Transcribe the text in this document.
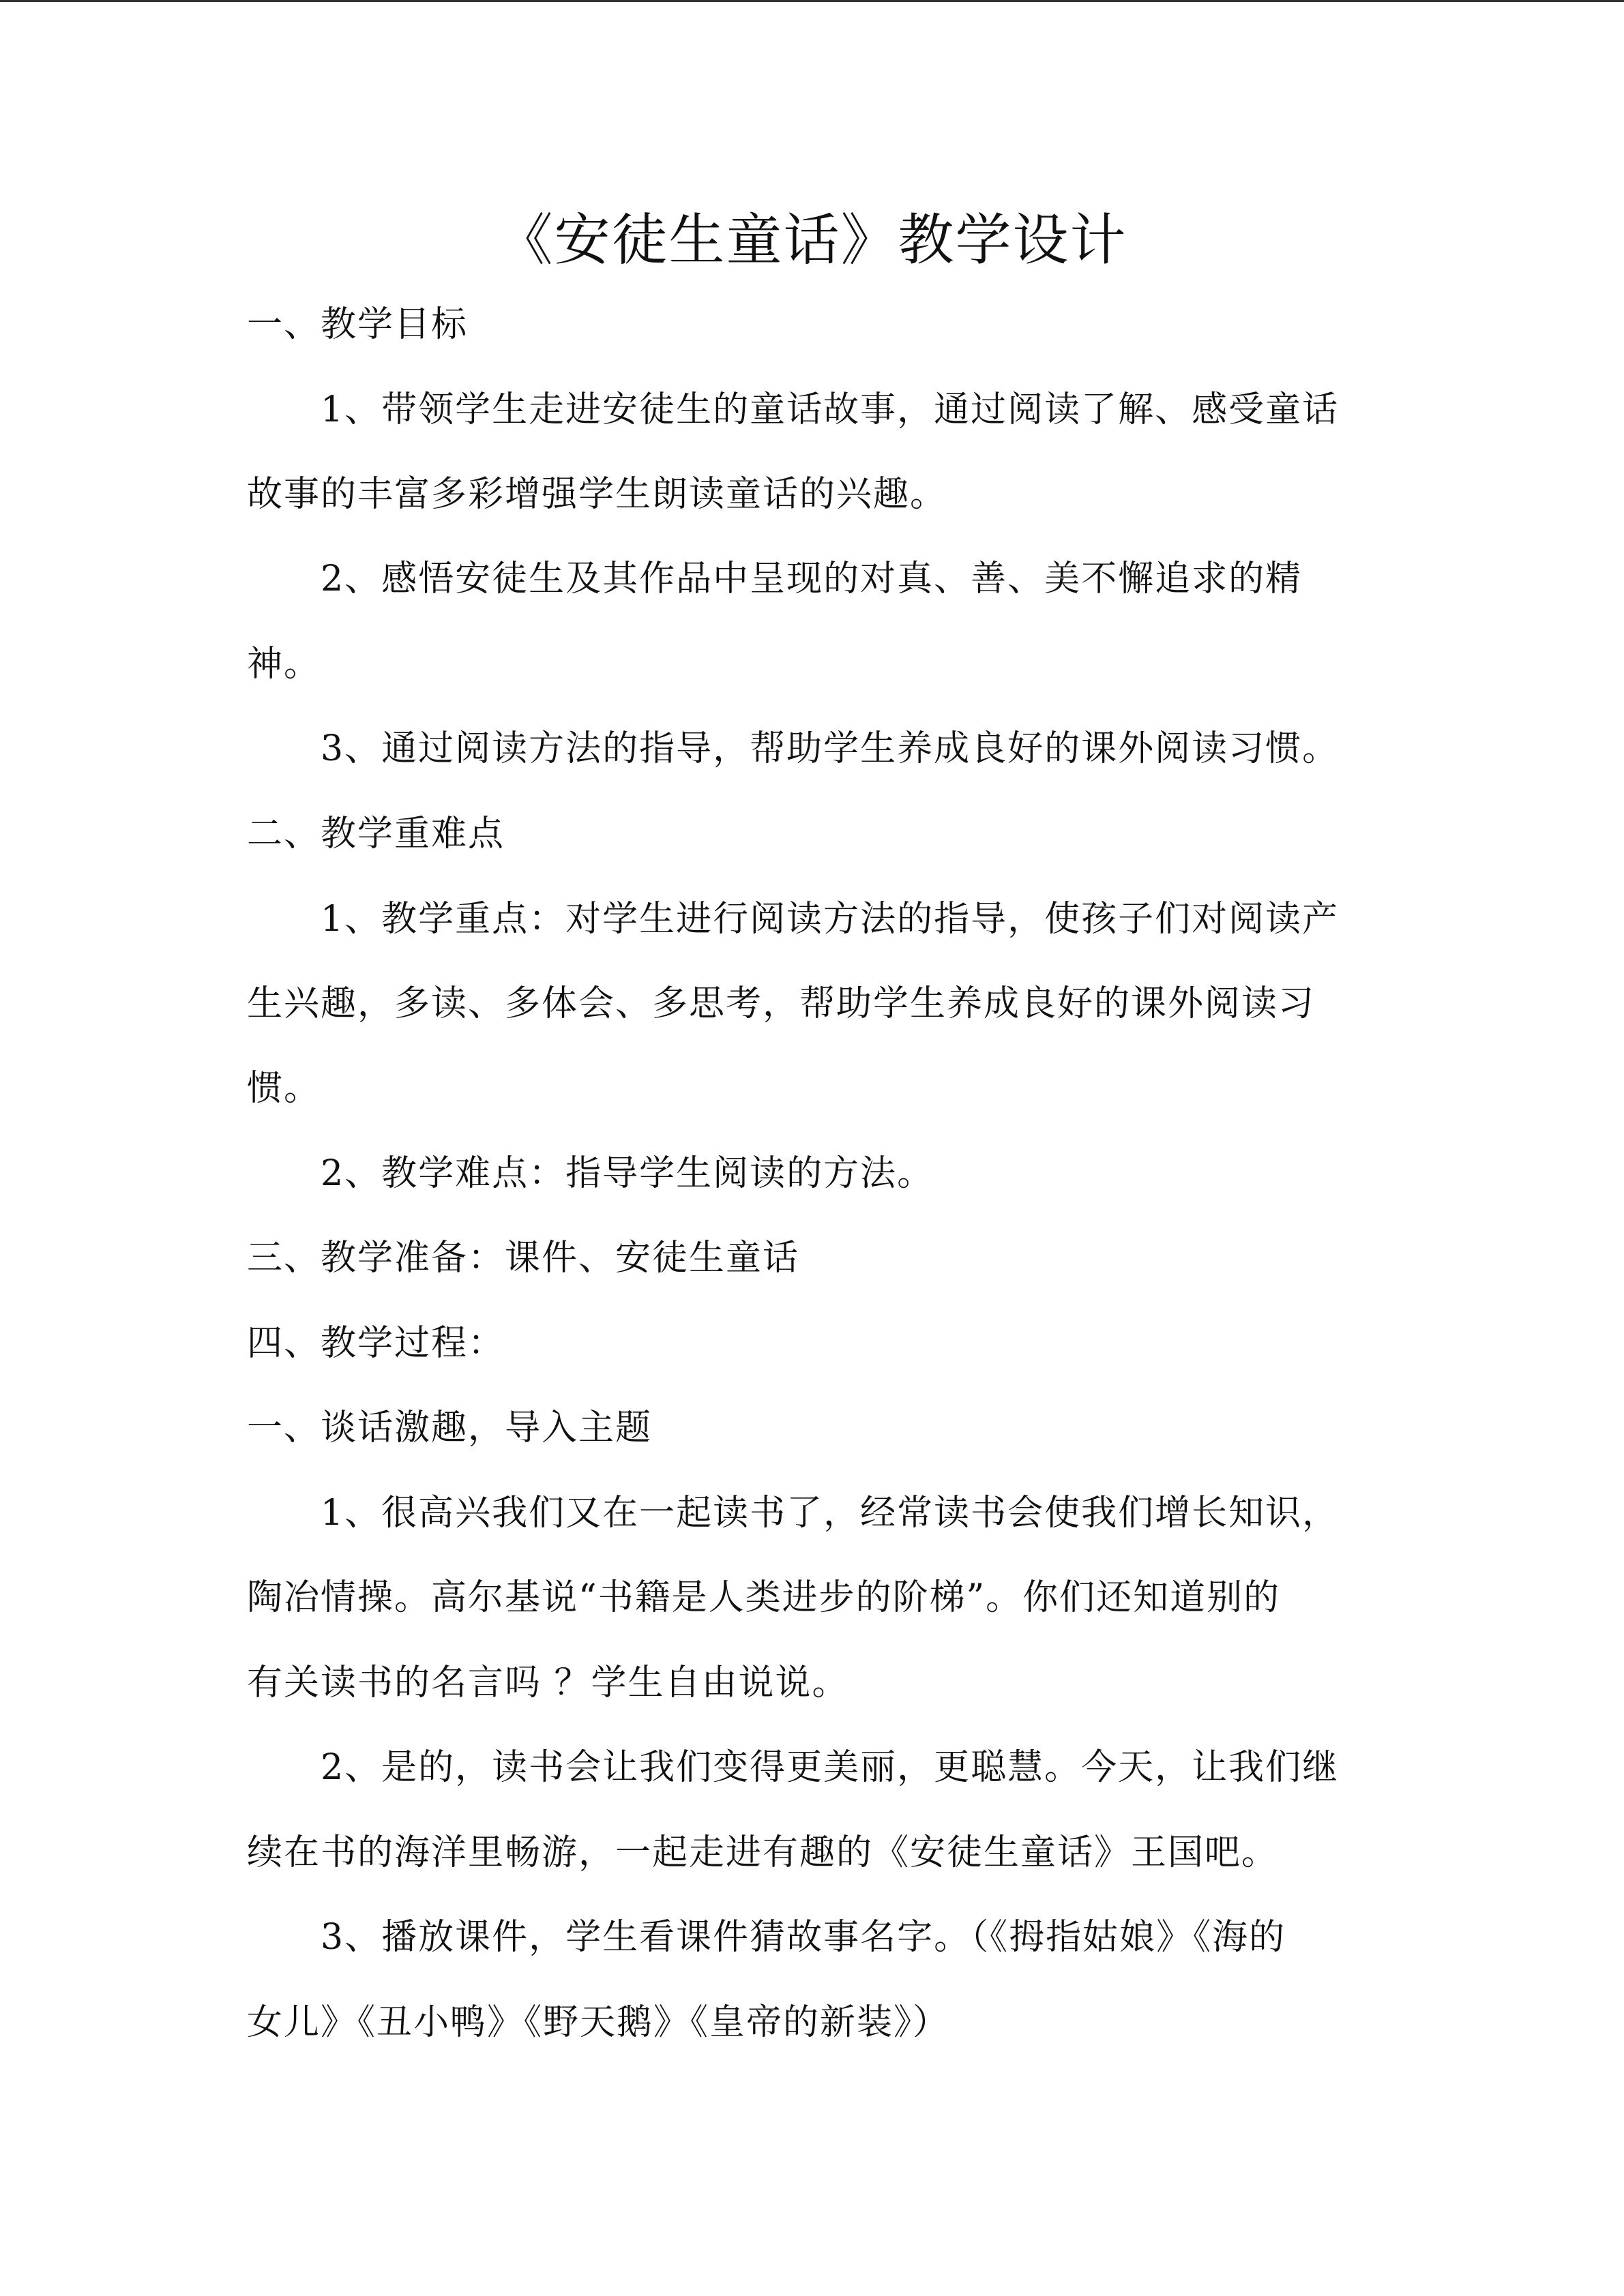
《安徒生童话》教学设计
一、教学目标
1、带领学生走进安徒生的童话故事，通过阅读了解、感受童话
故事的丰富多彩增强学生朗读童话的兴趣。
2、感悟安徒生及其作品中呈现的对真、善、美不懈追求的精
神。
3、通过阅读方法的指导，帮助学生养成良好的课外阅读习惯。
二、教学重难点
1、教学重点：对学生进行阅读方法的指导，使孩子们对阅读产
生兴趣，多读、多体会、多思考，帮助学生养成良好的课外阅读习
惯。
2、教学难点：指导学生阅读的方法。
三、教学准备：课件、安徒生童话
四、教学过程：
一、谈话激趣，导入主题
1、很高兴我们又在一起读书了，经常读书会使我们增长知识，
陶冶情操。高尔基说“书籍是人类进步的阶梯”。你们还知道别的
有关读书的名言吗 ？学生自由说说。
2、是的，读书会让我们变得更美丽，更聪慧。今天，让我们继
续在书的海洋里畅游，一起走进有趣的《安徒生童话》王国吧。
3、播放课件，学生看课件猜故事名字。（《拇指姑娘》《海的
女儿》《丑小鸭》《野天鹅》《皇帝的新装》）
